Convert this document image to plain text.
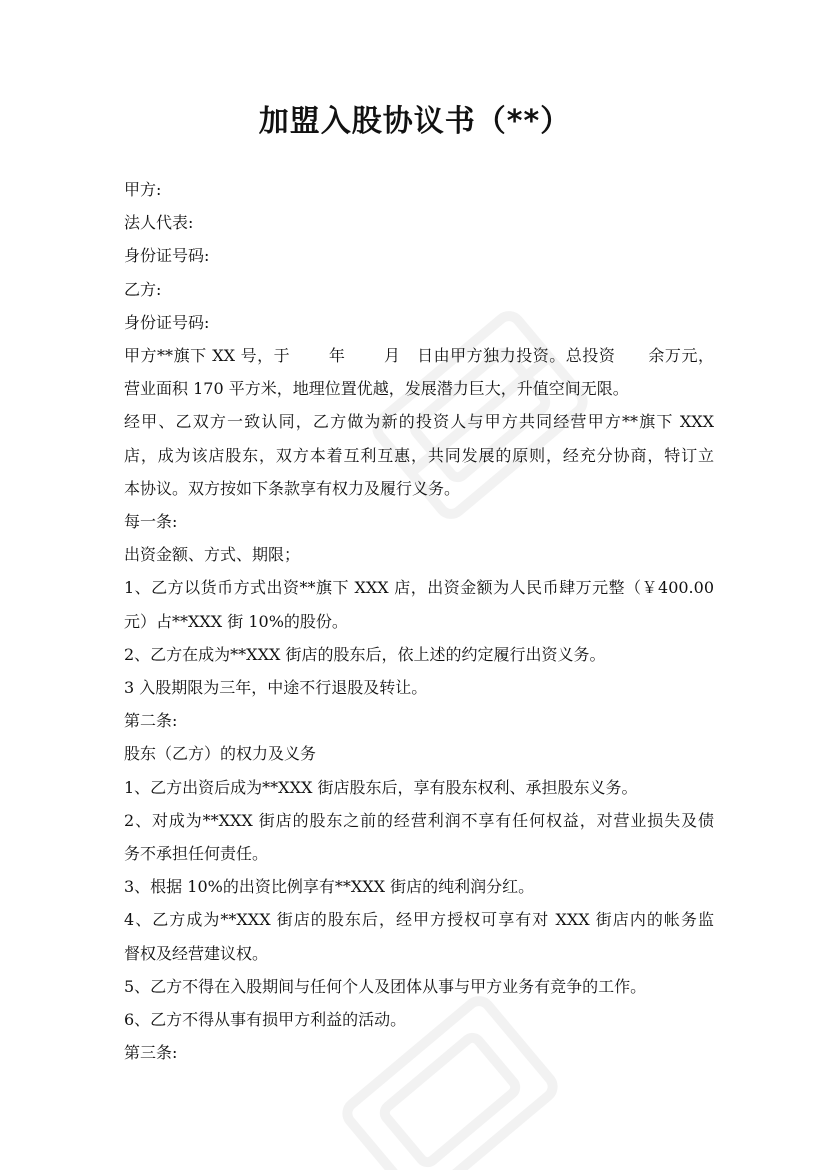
加盟入股协议书（**）

甲方:

法人代表:

身份证号码:

乙方:

身份证号码:

甲方**旗下 XX 号，于　　 年　　 月　日由甲方独力投资。总投资　　余万元，

营业面积 170 平方米，地理位置优越，发展潜力巨大，升值空间无限。

经甲、乙双方一致认同，乙方做为新的投资人与甲方共同经营甲方**旗下 XXX

店，成为该店股东，双方本着互利互惠，共同发展的原则，经充分协商，特订立

本协议。双方按如下条款享有权力及履行义务。

每一条:

出资金额、方式、期限；

1、乙方以货币方式出资**旗下 XXX 店，出资金额为人民币肆万元整（￥400.00

元）占**XXX 街 10%的股份。

2、乙方在成为**XXX 街店的股东后，依上述的约定履行出资义务。

3 入股期限为三年，中途不行退股及转让。

第二条:

股东（乙方）的权力及义务

1、乙方出资后成为**XXX 街店股东后，享有股东权利、承担股东义务。

2、对成为**XXX 街店的股东之前的经营利润不享有任何权益，对营业损失及债

务不承担任何责任。

3、根据 10%的出资比例享有**XXX 街店的纯利润分红。

4、乙方成为**XXX 街店的股东后，经甲方授权可享有对 XXX 街店内的帐务监

督权及经营建议权。

5、乙方不得在入股期间与任何个人及团体从事与甲方业务有竞争的工作。

6、乙方不得从事有损甲方利益的活动。

第三条:
